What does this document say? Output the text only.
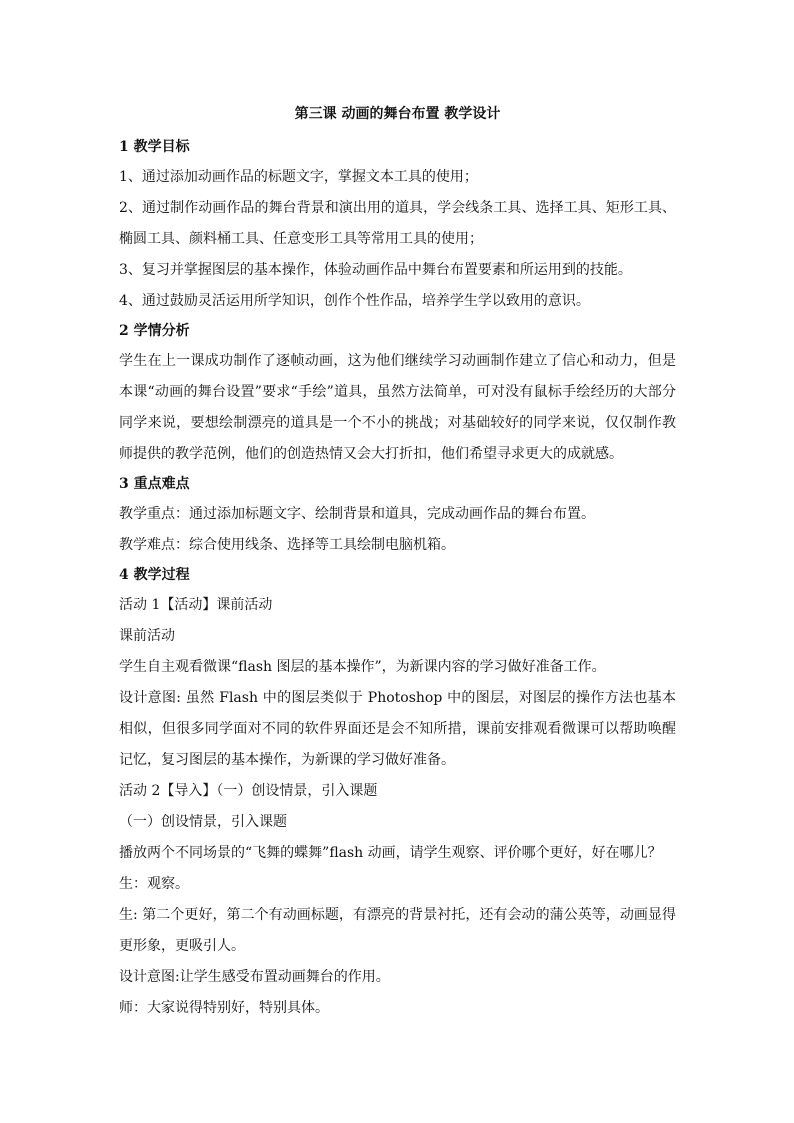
第三课 动画的舞台布置 教学设计

1 教学目标

1、通过添加动画作品的标题文字，掌握文本工具的使用；

2、通过制作动画作品的舞台背景和演出用的道具，学会线条工具、选择工具、矩形工具、椭圆工具、颜料桶工具、任意变形工具等常用工具的使用；

3、复习并掌握图层的基本操作，体验动画作品中舞台布置要素和所运用到的技能。

4、通过鼓励灵活运用所学知识，创作个性作品，培养学生学以致用的意识。

2 学情分析

学生在上一课成功制作了逐帧动画，这为他们继续学习动画制作建立了信心和动力，但是本课“动画的舞台设置”要求“手绘”道具，虽然方法简单，可对没有鼠标手绘经历的大部分同学来说，要想绘制漂亮的道具是一个不小的挑战；对基础较好的同学来说，仅仅制作教师提供的教学范例，他们的创造热情又会大打折扣，他们希望寻求更大的成就感。

3 重点难点

教学重点：通过添加标题文字、绘制背景和道具，完成动画作品的舞台布置。

教学难点：综合使用线条、选择等工具绘制电脑机箱。

4 教学过程

活动 1【活动】课前活动

课前活动

学生自主观看微课“flash 图层的基本操作”，为新课内容的学习做好准备工作。

设计意图: 虽然 Flash 中的图层类似于 Photoshop 中的图层，对图层的操作方法也基本相似，但很多同学面对不同的软件界面还是会不知所措，课前安排观看微课可以帮助唤醒记忆，复习图层的基本操作，为新课的学习做好准备。

活动 2【导入】（一）创设情景，引入课题

（一）创设情景，引入课题

播放两个不同场景的“飞舞的蝶舞”flash 动画，请学生观察、评价哪个更好，好在哪儿？

生：观察。

生: 第二个更好，第二个有动画标题，有漂亮的背景衬托，还有会动的蒲公英等，动画显得更形象，更吸引人。

设计意图:让学生感受布置动画舞台的作用。

师：大家说得特别好，特别具体。
